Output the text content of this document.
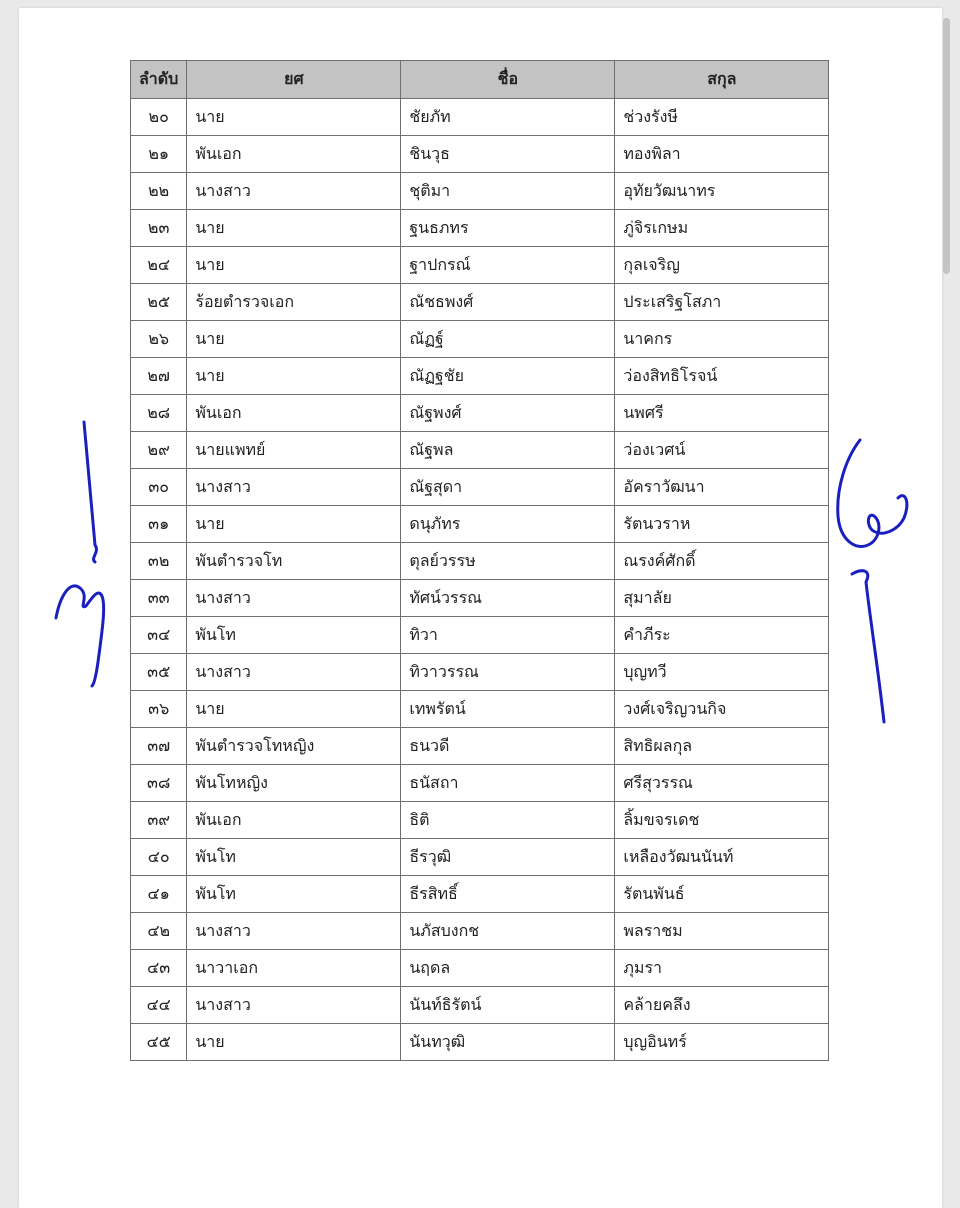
ลำดับ	ยศ	ชื่อ	สกุล
๒๐	นาย	ชัยภัท	ช่วงรังษี
๒๑	พันเอก	ชินวุธ	ทองพิลา
๒๒	นางสาว	ชุติมา	อุทัยวัฒนาทร
๒๓	นาย	ฐนธภทร	ภู่จิรเกษม
๒๔	นาย	ฐาปกรณ์	กุลเจริญ
๒๕	ร้อยตำรวจเอก	ณัชธพงศ์	ประเสริฐโสภา
๒๖	นาย	ณัฏฐ์	นาคกร
๒๗	นาย	ณัฏฐชัย	ว่องสิทธิโรจน์
๒๘	พันเอก	ณัฐพงศ์	นพศรี
๒๙	นายแพทย์	ณัฐพล	ว่องเวศน์
๓๐	นางสาว	ณัฐสุดา	อัคราวัฒนา
๓๑	นาย	ดนุภัทร	รัตนวราห
๓๒	พันตำรวจโท	ตุลย์วรรษ	ณรงค์ศักดิ์
๓๓	นางสาว	ทัศน์วรรณ	สุมาลัย
๓๔	พันโท	ทิวา	คำภีระ
๓๕	นางสาว	ทิวาวรรณ	บุญทวี
๓๖	นาย	เทพรัตน์	วงศ์เจริญวนกิจ
๓๗	พันตำรวจโทหญิง	ธนวดี	สิทธิผลกุล
๓๘	พันโทหญิง	ธนัสถา	ศรีสุวรรณ
๓๙	พันเอก	ธิติ	ลิ้มขจรเดช
๔๐	พันโท	ธีรวุฒิ	เหลืองวัฒนนันท์
๔๑	พันโท	ธีรสิทธิ์	รัตนพันธ์
๔๒	นางสาว	นภัสบงกช	พลราชม
๔๓	นาวาเอก	นฤดล	ภุมรา
๔๔	นางสาว	นันท์ธิรัตน์	คล้ายคลึง
๔๕	นาย	นันทวุฒิ	บุญอินทร์
